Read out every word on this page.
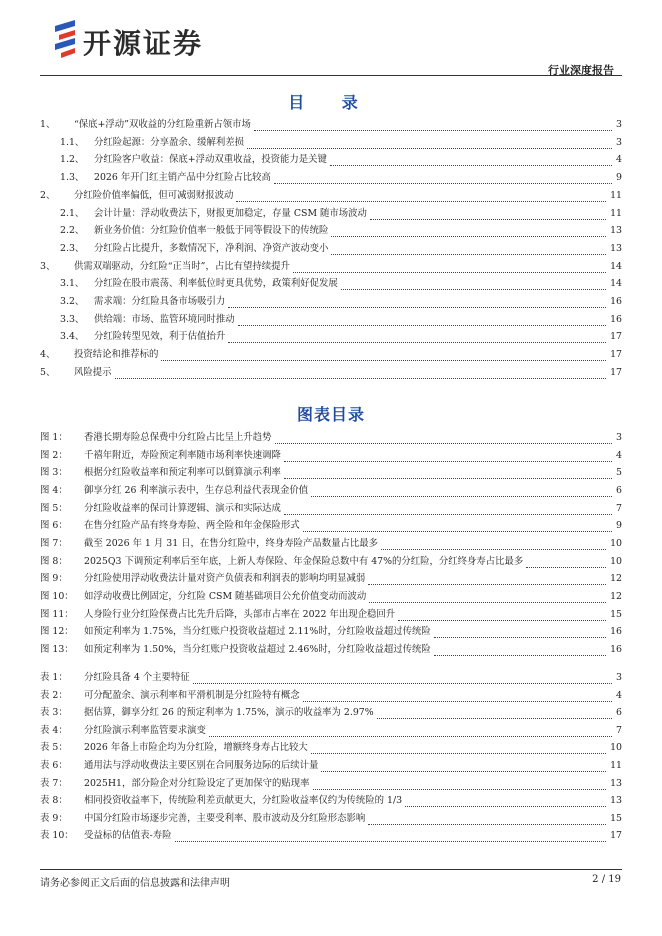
开源证券
行业深度报告
目 录
图表目录
1、 “保底+浮动”双收益的分红险重新占领市场	3
1.1、 分红险起源：分享盈余、缓解利差损	3
1.2、 分红险客户收益：保底+浮动双重收益，投资能力是关键	4
1.3、 2026 年开门红主销产品中分红险占比较高	9
2、 分红险价值率偏低，但可减弱财报波动	11
2.1、 会计计量：浮动收费法下，财报更加稳定，存量 CSM 随市场波动	11
2.2、 新业务价值：分红险价值率一般低于同等假设下的传统险	13
2.3、 分红险占比提升，多数情况下，净利润、净资产波动变小	13
3、 供需双端驱动，分红险“正当时”，占比有望持续提升	14
3.1、 分红险在股市震荡、利率低位时更具优势，政策利好促发展	14
3.2、 需求端：分红险具备市场吸引力	16
3.3、 供给端：市场、监管环境同时推动	16
3.4、 分红险转型见效，利于估值抬升	17
4、 投资结论和推荐标的	17
5、 风险提示	17
图 1： 香港长期寿险总保费中分红险占比呈上升趋势	3
图 2： 千禧年附近，寿险预定利率随市场利率快速调降	4
图 3： 根据分红险收益率和预定利率可以倒算演示利率	5
图 4： 御享分红 26 利率演示表中，生存总利益代表现金价值	6
图 5： 分红险收益率的保司计算逻辑、演示和实际达成	7
图 6： 在售分红险产品有终身寿险、两全险和年金保险形式	9
图 7： 截至 2026 年 1 月 31 日，在售分红险中，终身寿险产品数量占比最多	10
图 8： 2025Q3 下调预定利率后至年底，上新人寿保险、年金保险总数中有 47%的分红险，分红终身寿占比最多	10
图 9： 分红险使用浮动收费法计量对资产负债表和利润表的影响均明显减弱	12
图 10： 如浮动收费比例固定，分红险 CSM 随基础项目公允价值变动而波动	12
图 11： 人身险行业分红险保费占比先升后降，头部市占率在 2022 年出现企稳回升	15
图 12： 如预定利率为 1.75%，当分红账户投资收益超过 2.11%时，分红险收益超过传统险	16
图 13： 如预定利率为 1.50%，当分红账户投资收益超过 2.46%时，分红险收益超过传统险	16
表 1： 分红险具备 4 个主要特征	3
表 2： 可分配盈余、演示利率和平滑机制是分红险特有概念	4
表 3： 据估算，御享分红 26 的预定利率为 1.75%，演示的收益率为 2.97%	6
表 4： 分红险演示利率监管要求演变	7
表 5： 2026 年备上市险企均为分红险，增额终身寿占比较大	10
表 6： 通用法与浮动收费法主要区别在合同服务边际的后续计量	11
表 7： 2025H1，部分险企对分红险设定了更加保守的贴现率	13
表 8： 相同投资收益率下，传统险利差贡献更大，分红险收益率仅约为传统险的 1/3	13
表 9： 中国分红险市场逐步完善，主要受利率、股市波动及分红险形态影响	15
表 10： 受益标的估值表-寿险	17
请务必参阅正文后面的信息披露和法律声明	2 / 19
